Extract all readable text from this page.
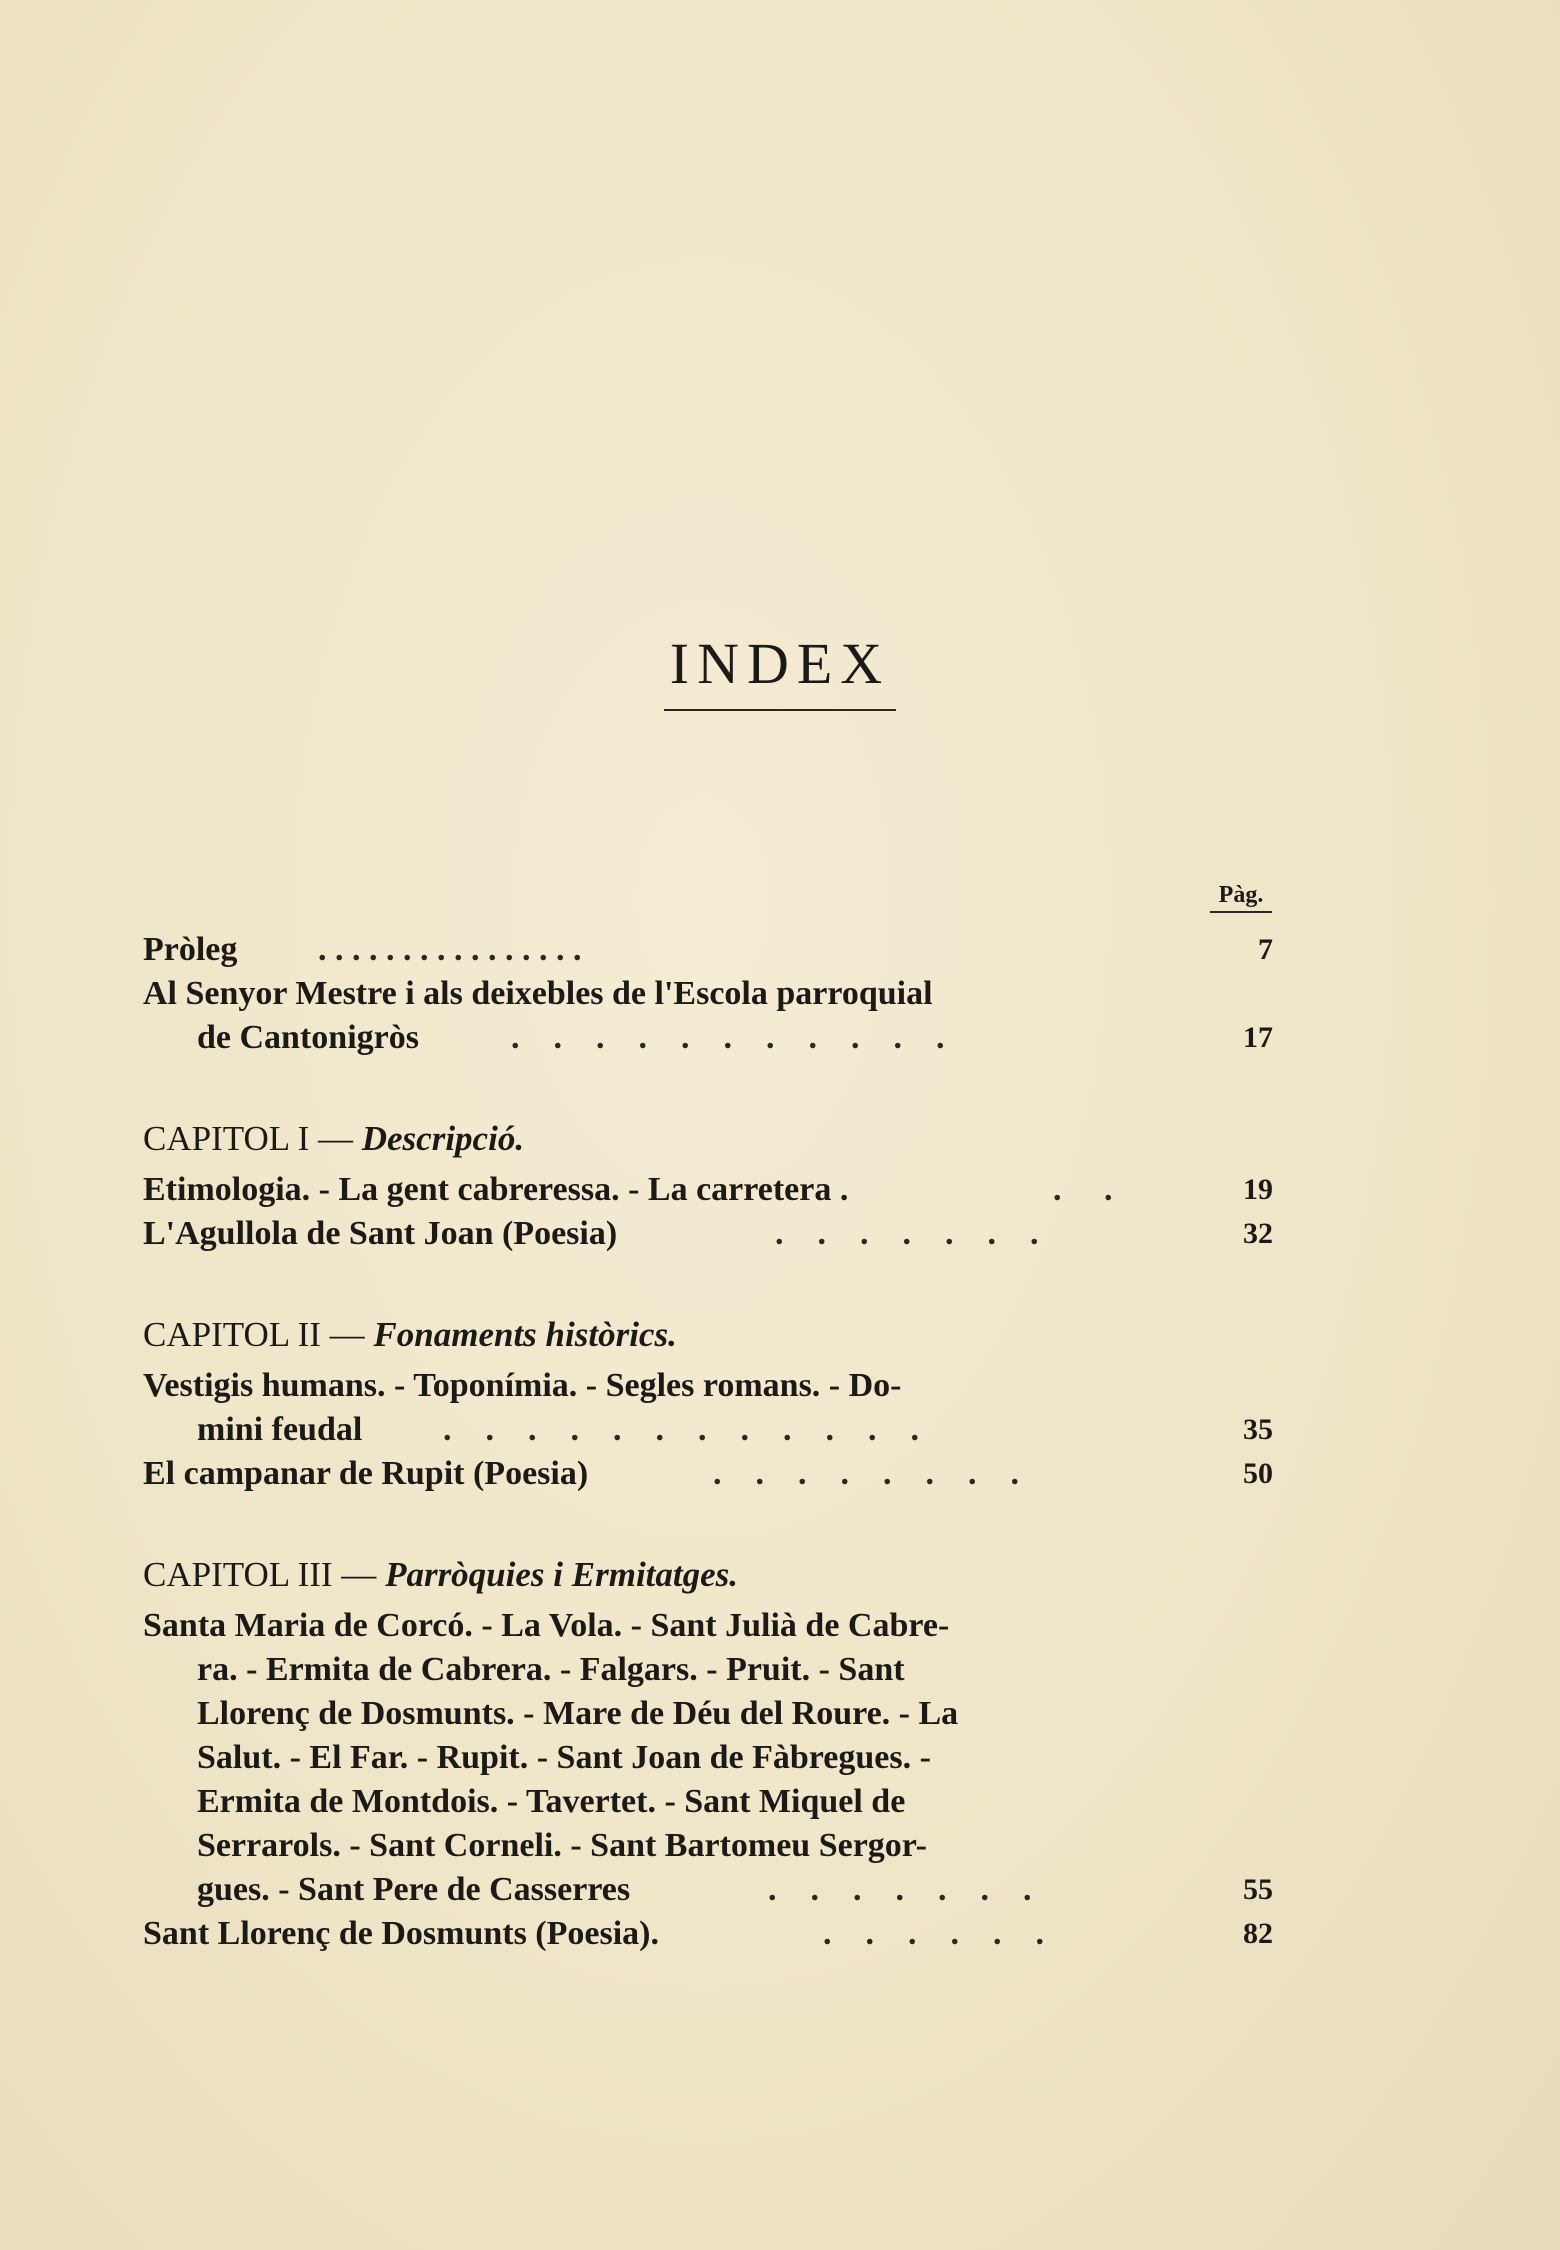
INDEX
Pàg.
Pròleg . . . . . . . . . . . . . . . .	7
Al Senyor Mestre i als deixebles de l'Escola parroquial
de Cantonigròs	.    .    .    .    .    .    .    .    .    .    .	17
CAPITOL I — Descripció.
Etimologia. - La gent cabreressa. - La carretera .	.     .	19
L'Agullola de Sant Joan (Poesia)	.    .    .    .    .    .    .	32
CAPITOL II — Fonaments històrics.
Vestigis humans. - Toponímia. - Segles romans. - Do-
mini feudal .    .    .    .    .    .    .    .    .    .    .    .	35
El campanar de Rupit (Poesia)	.    .    .    .    .    .    .    .	50
CAPITOL III — Parròquies i Ermitatges.
Santa Maria de Corcó. - La Vola. - Sant Julià de Cabre-
ra. - Ermita de Cabrera. - Falgars. - Pruit. - Sant
Llorenç de Dosmunts. - Mare de Déu del Roure. - La
Salut. - El Far. - Rupit. - Sant Joan de Fàbregues. -
Ermita de Montdois. - Tavertet. - Sant Miquel de
Serrarols. - Sant Corneli. - Sant Bartomeu Sergor-
gues. - Sant Pere de Casserres	.    .    .    .    .    .    .	55
Sant Llorenç de Dosmunts (Poesia).	.    .    .    .    .    .	82
